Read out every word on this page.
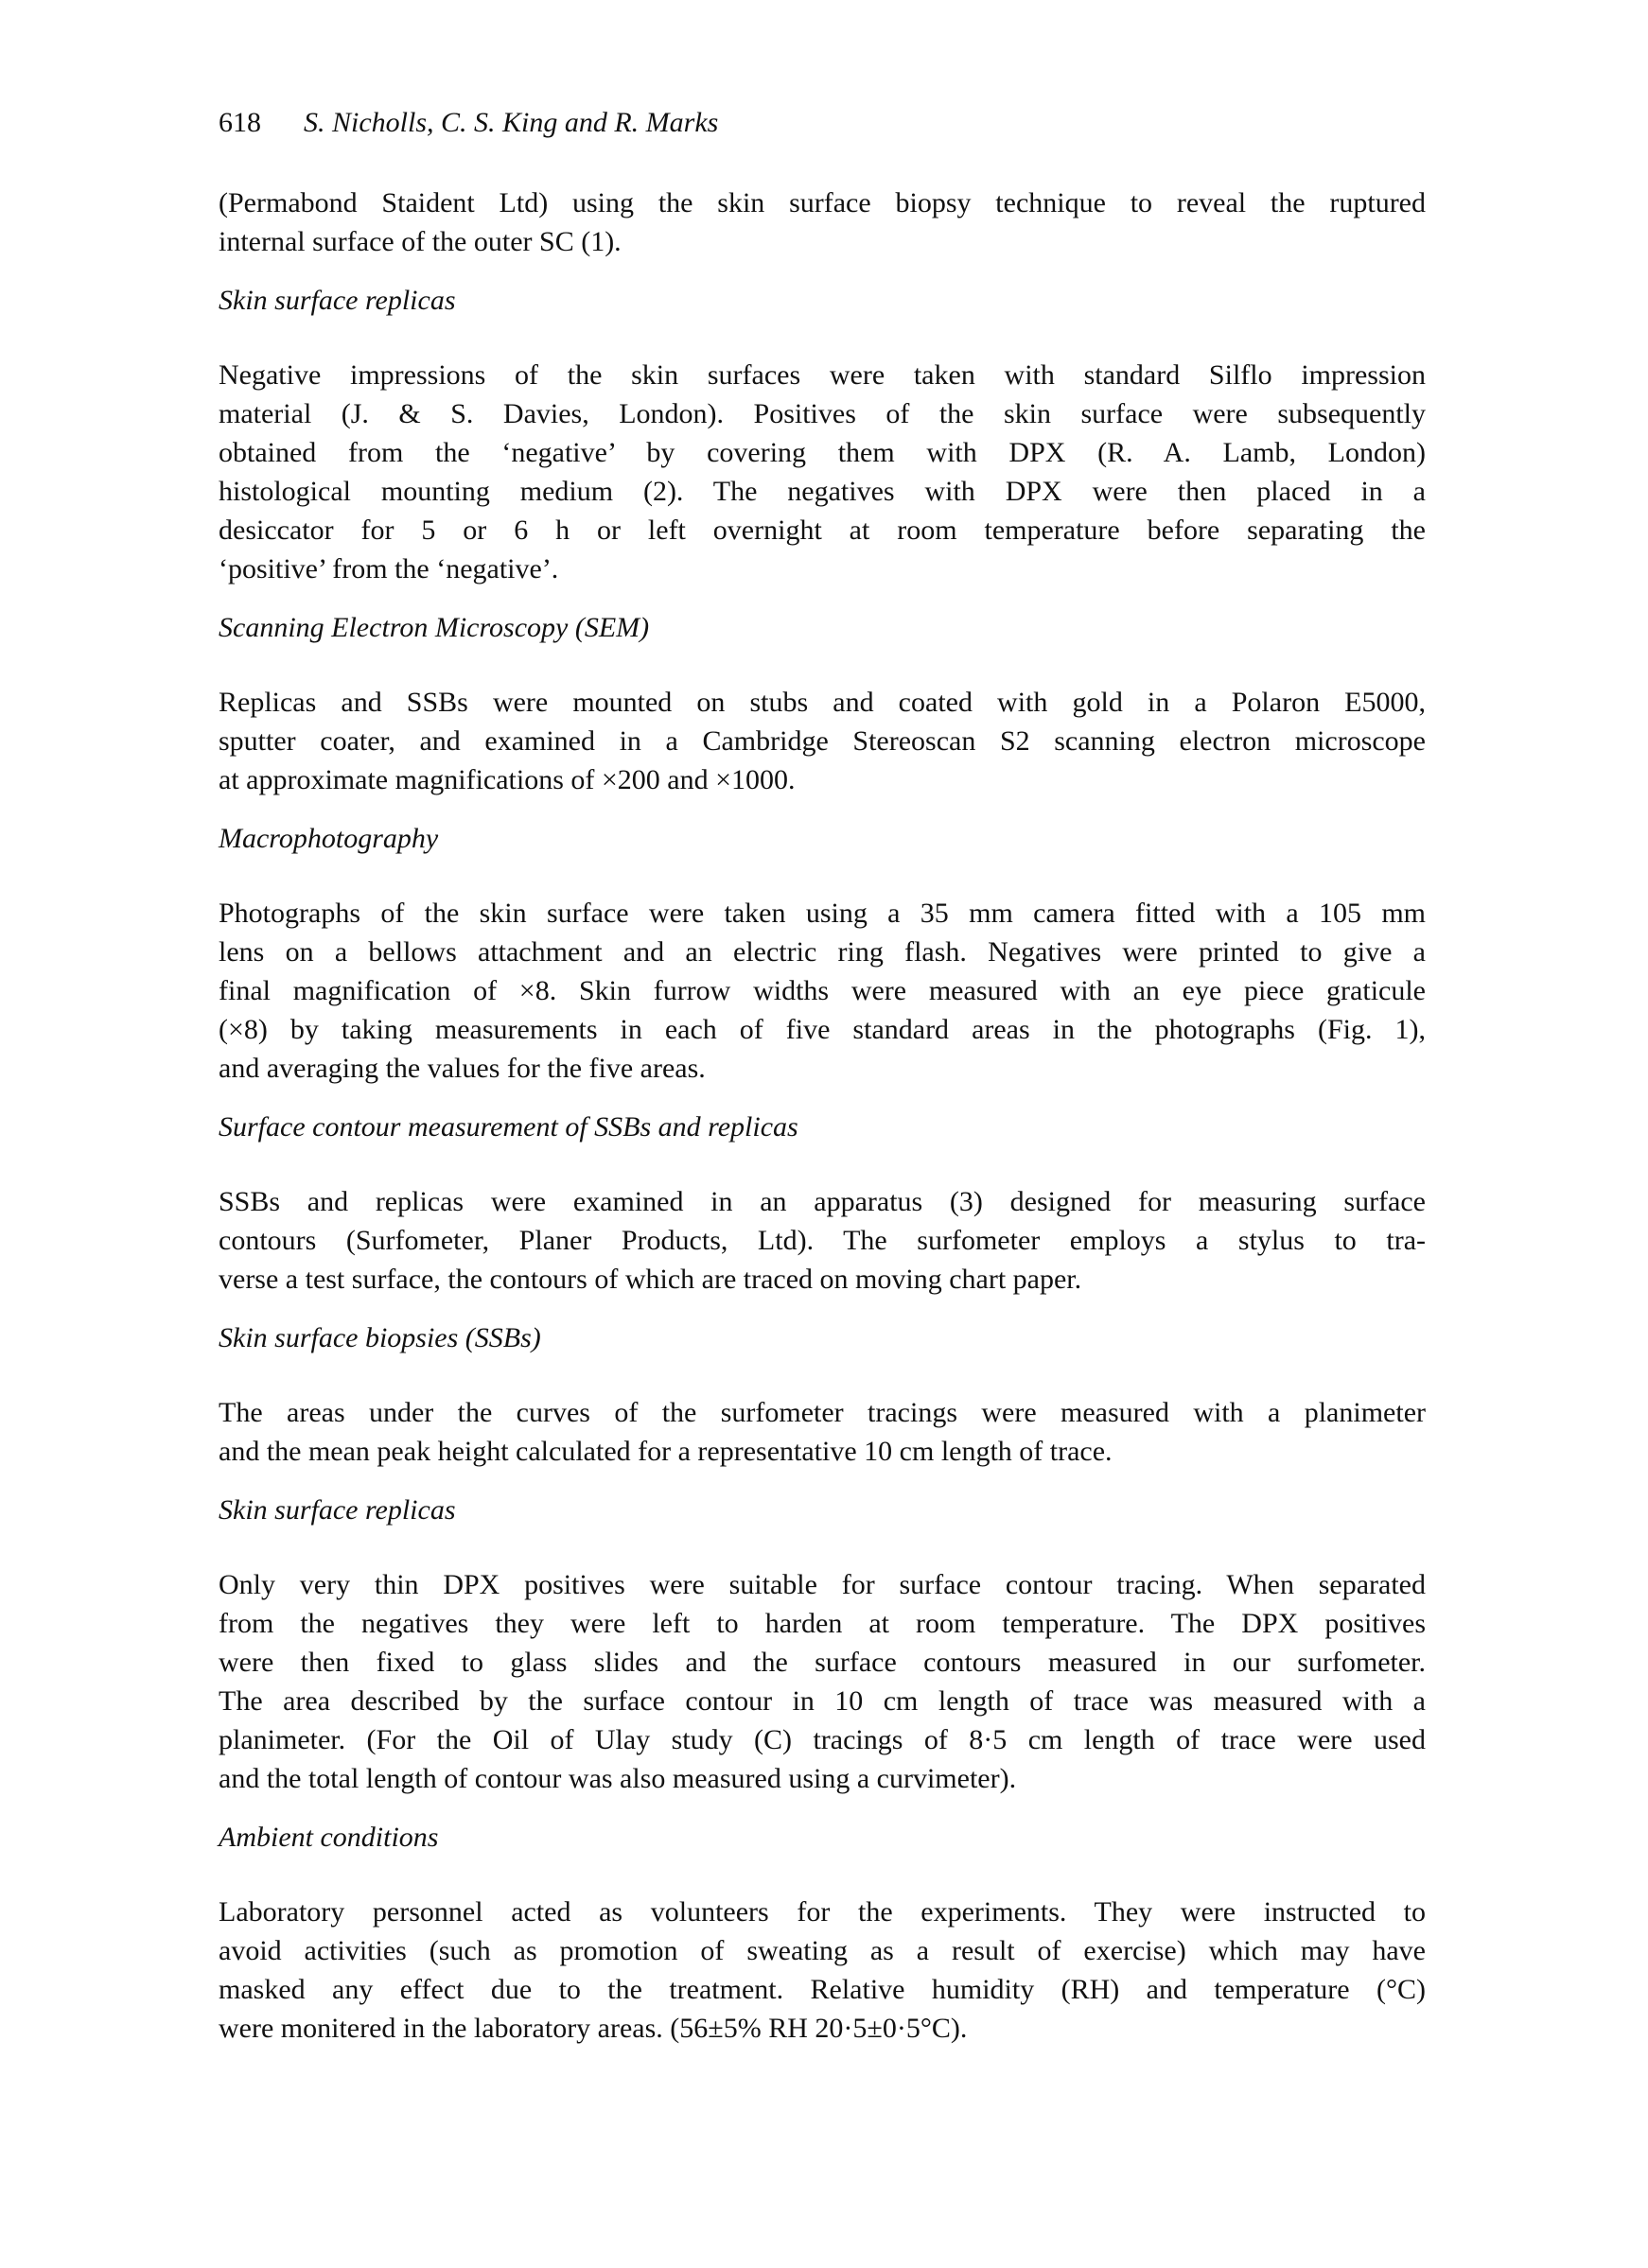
618 S. Nicholls, C. S. King and R. Marks
(Permabond Staident Ltd) using the skin surface biopsy technique to reveal the ruptured
internal surface of the outer SC (1).
Skin surface replicas
Negative impressions of the skin surfaces were taken with standard Silflo impression
material (J. & S. Davies, London). Positives of the skin surface were subsequently
obtained from the ‘negative’ by covering them with DPX (R. A. Lamb, London)
histological mounting medium (2). The negatives with DPX were then placed in a
desiccator for 5 or 6 h or left overnight at room temperature before separating the
‘positive’ from the ‘negative’.
Scanning Electron Microscopy (SEM)
Replicas and SSBs were mounted on stubs and coated with gold in a Polaron E5000,
sputter coater, and examined in a Cambridge Stereoscan S2 scanning electron microscope
at approximate magnifications of ×200 and ×1000.
Macrophotography
Photographs of the skin surface were taken using a 35 mm camera fitted with a 105 mm
lens on a bellows attachment and an electric ring flash. Negatives were printed to give a
final magnification of ×8. Skin furrow widths were measured with an eye piece graticule
(×8) by taking measurements in each of five standard areas in the photographs (Fig. 1),
and averaging the values for the five areas.
Surface contour measurement of SSBs and replicas
SSBs and replicas were examined in an apparatus (3) designed for measuring surface
contours (Surfometer, Planer Products, Ltd). The surfometer employs a stylus to tra-
verse a test surface, the contours of which are traced on moving chart paper.
Skin surface biopsies (SSBs)
The areas under the curves of the surfometer tracings were measured with a planimeter
and the mean peak height calculated for a representative 10 cm length of trace.
Skin surface replicas
Only very thin DPX positives were suitable for surface contour tracing. When separated
from the negatives they were left to harden at room temperature. The DPX positives
were then fixed to glass slides and the surface contours measured in our surfometer.
The area described by the surface contour in 10 cm length of trace was measured with a
planimeter. (For the Oil of Ulay study (C) tracings of 8·5 cm length of trace were used
and the total length of contour was also measured using a curvimeter).
Ambient conditions
Laboratory personnel acted as volunteers for the experiments. They were instructed to
avoid activities (such as promotion of sweating as a result of exercise) which may have
masked any effect due to the treatment. Relative humidity (RH) and temperature (°C)
were monitered in the laboratory areas. (56±5% RH 20·5±0·5°C).
